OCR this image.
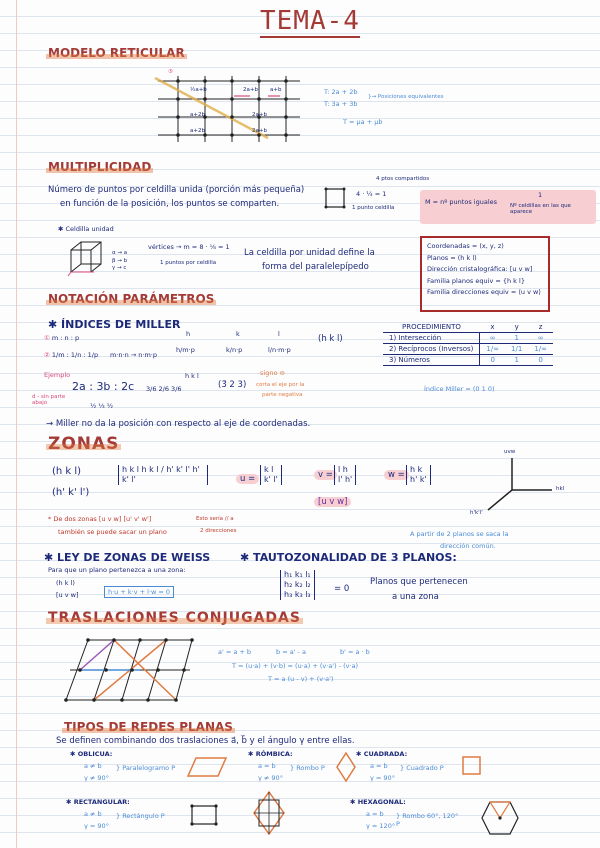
TEMA-4
MODELO RETICULAR
⑤
½a+b	2a+b a+b
a+2b	2a+b
a+2b	2a+b
T: 2a + 2b
T: 3a + 3b
}→ Posiciones equivalentes
T = μa + μb
MULTIPLICIDAD
Número de puntos por celdilla unida (porción más pequeña)
en función de la posición, los puntos se comparten.
4 · ¼ = 1
1 punto celdilla
4 ptos compartidos
M = nº puntos iguales
1
Nº celdillas en las que aparece
✱ Celdilla unidad
α → a
β → b
γ → c
vértices → m = 8 · ⅛ = 1
1 puntos por celdilla
La celdilla por unidad define la
forma del paralelepípedo
Coordenadas = (x, y, z)
Planos = (h k l)
Dirección cristalográfica: [u v w]
Familia planos equiv = {h k l}
Familia direcciones equiv = ⟨u v w⟩
NOTACIÓN PARÁMETROS
✱ ÍNDICES DE MILLER
① m : n : p
② 1/m : 1/n : 1/p m·n·n → n·m·p
h/m·p	k/n·p	l/n·m·p
h	k	l	(h k l)
Ejemplo
2a : 3b : 2c
d - sin parte abajo	½ ⅓ ½
3/6 2/6 3/6
h k l
(3̄ 2 3)
signo ⊖
corta el eje por la
parte negativa
→ Miller no da la posición con respecto al eje de coordenadas.
PROCEDIMIENTO	x	y	z
1) Intersección	∞	1	∞
2) Recíprocos (Inversos)	1/∞	1/1	1/∞
3) Números	0	1	0
Índice Miller = (0 1 0)
ZONAS
(h k l)
(h' k' l')
h k l h k l / h' k' l' h' k' l'	u =
k l
k' l'	v =
l h
l' h'	w =
h k
h' k'
[u v w]
* De dos zonas [u v w] [u' v' w']
también se puede sacar un plano
Esto sería // a
2 direcciones
uvw
hkl
h'k'l'
A partir de 2 planos se saca la
dirección común.
✱ LEY DE ZONAS DE WEISS
Para que un plano pertenezca a una zona:
(h k l)
[u v w]	h·u + k·v + l·w = 0
✱ TAUTOZONALIDAD DE 3 PLANOS:
h₁ k₁ l₁
h₂ k₂ l₂
h₃ k₃ l₃
= 0
Planos que pertenecen
a una zona
TRASLACIONES CONJUGADAS
a' = a + b	b = a' - a	b' = a · b
T = (u·a) + (v·b) = (u·a) + (v·a') - (v·a)
T = a (u - v) + (v·a')
TIPOS DE REDES PLANAS
Se definen combinando dos traslaciones a⃗, b⃗ y el ángulo γ entre ellas.
✱ OBLICUA:
a ≠ b
γ ≠ 90°
} Paralelogramo P
✱ RÓMBICA:
a = b
γ ≠ 90°
} Rombo P
✱ CUADRADA:
a = b
γ = 90°
} Cuadrado P
✱ RECTANGULAR:
a ≠ b
γ = 90°
} Rectángulo P
✱ HEXAGONAL:
a = b
γ = 120°
} Rombo 60°, 120° P
